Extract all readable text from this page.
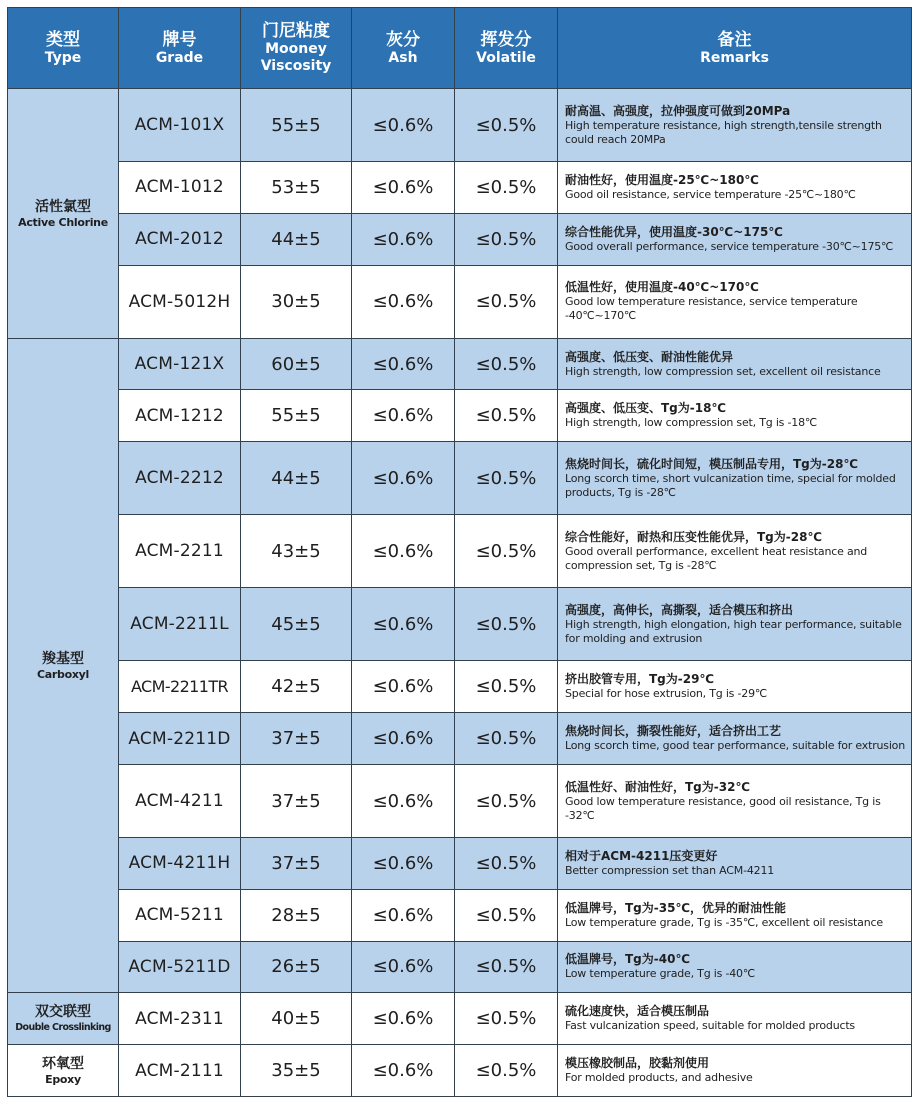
类型
Type	牌号
Grade	门尼粘度
Mooney
Viscosity	灰分
Ash	挥发分
Volatile	备注
Remarks

活性氯型
Active Chlorine	ACM-101X	55±5	≤0.6%	≤0.5%	耐高温、高强度，拉伸强度可做到20MPa
High temperature resistance, high strength,tensile strength could reach 20MPa

	ACM-1012	53±5	≤0.6%	≤0.5%	耐油性好，使用温度-25℃~180℃
Good oil resistance, service temperature -25℃~180℃

	ACM-2012	44±5	≤0.6%	≤0.5%	综合性能优异，使用温度-30℃~175℃
Good overall performance, service temperature -30℃~175℃

	ACM-5012H	30±5	≤0.6%	≤0.5%	低温性好，使用温度-40℃~170℃
Good low temperature resistance, service temperature -40℃~170℃

羧基型
Carboxyl	ACM-121X	60±5	≤0.6%	≤0.5%	高强度、低压变、耐油性能优异
High strength, low compression set, excellent oil resistance

	ACM-1212	55±5	≤0.6%	≤0.5%	高强度、低压变、Tg为-18℃
High strength, low compression set, Tg is -18℃

	ACM-2212	44±5	≤0.6%	≤0.5%	焦烧时间长，硫化时间短，模压制品专用，Tg为-28℃
Long scorch time, short vulcanization time, special for molded products, Tg is -28℃

	ACM-2211	43±5	≤0.6%	≤0.5%	综合性能好，耐热和压变性能优异，Tg为-28℃
Good overall performance, excellent heat resistance and compression set, Tg is -28℃

	ACM-2211L	45±5	≤0.6%	≤0.5%	高强度，高伸长，高撕裂，适合模压和挤出
High strength, high elongation, high tear performance, suitable for molding and extrusion

	ACM-2211TR	42±5	≤0.6%	≤0.5%	挤出胶管专用，Tg为-29℃
Special for hose extrusion, Tg is -29℃

	ACM-2211D	37±5	≤0.6%	≤0.5%	焦烧时间长，撕裂性能好，适合挤出工艺
Long scorch time, good tear performance, suitable for extrusion

	ACM-4211	37±5	≤0.6%	≤0.5%	低温性好、耐油性好，Tg为-32℃
Good low temperature resistance, good oil resistance, Tg is -32℃

	ACM-4211H	37±5	≤0.6%	≤0.5%	相对于ACM-4211压变更好
Better compression set than ACM-4211

	ACM-5211	28±5	≤0.6%	≤0.5%	低温牌号，Tg为-35℃，优异的耐油性能
Low temperature grade, Tg is -35℃, excellent oil resistance

	ACM-5211D	26±5	≤0.6%	≤0.5%	低温牌号，Tg为-40℃
Low temperature grade, Tg is -40℃

双交联型
Double Crosslinking	ACM-2311	40±5	≤0.6%	≤0.5%	硫化速度快，适合模压制品
Fast vulcanization speed, suitable for molded products

环氧型
Epoxy	ACM-2111	35±5	≤0.6%	≤0.5%	模压橡胶制品，胶黏剂使用
For molded products, and adhesive
